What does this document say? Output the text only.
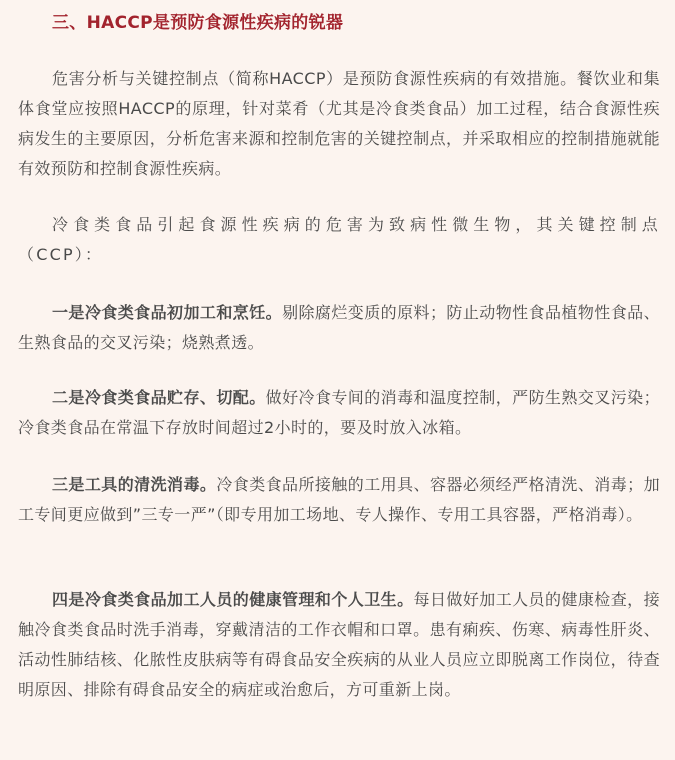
三、HACCP是预防食源性疾病的锐器

危害分析与关键控制点（简称HACCP）是预防食源性疾病的有效措施。餐饮业和集体食堂应按照HACCP的原理，针对菜肴（尤其是冷食类食品）加工过程，结合食源性疾病发生的主要原因，分析危害来源和控制危害的关键控制点，并采取相应的控制措施就能有效预防和控制食源性疾病。

冷食类食品引起食源性疾病的危害为致病性微生物，其关键控制点（CCP）：

一是冷食类食品初加工和烹饪。剔除腐烂变质的原料；防止动物性食品植物性食品、生熟食品的交叉污染；烧熟煮透。

二是冷食类食品贮存、切配。做好冷食专间的消毒和温度控制，严防生熟交叉污染；冷食类食品在常温下存放时间超过2小时的，要及时放入冰箱。

三是工具的清洗消毒。冷食类食品所接触的工用具、容器必须经严格清洗、消毒；加工专间更应做到”三专一严”（即专用加工场地、专人操作、专用工具容器，严格消毒）。

四是冷食类食品加工人员的健康管理和个人卫生。每日做好加工人员的健康检查，接触冷食类食品时洗手消毒，穿戴清洁的工作衣帽和口罩。患有痢疾、伤寒、病毒性肝炎、活动性肺结核、化脓性皮肤病等有碍食品安全疾病的从业人员应立即脱离工作岗位，待查明原因、排除有碍食品安全的病症或治愈后，方可重新上岗。
